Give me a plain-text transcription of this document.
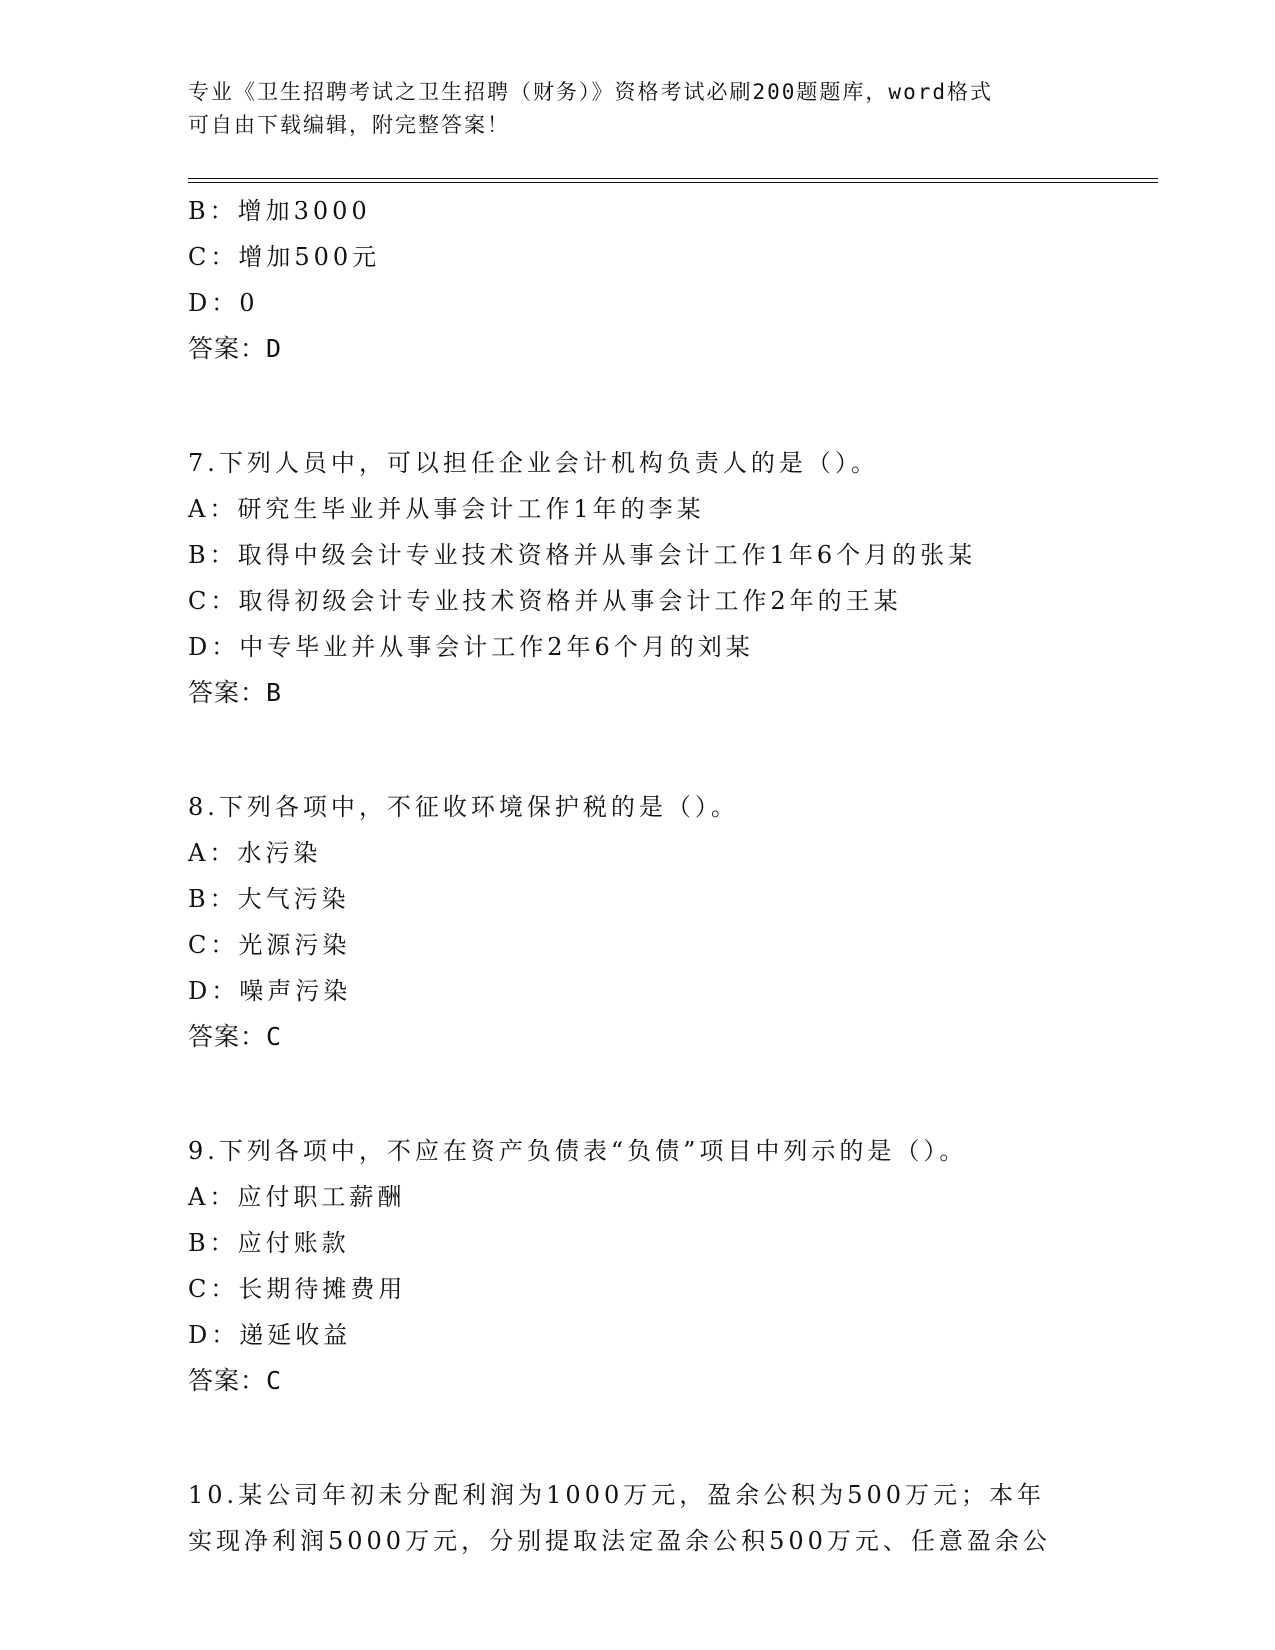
专业《卫生招聘考试之卫生招聘（财务）》资格考试必刷200题题库，word格式
可自由下载编辑，附完整答案！
B：增加3000
C：增加500元
D：0
答案：D
7.下列人员中，可以担任企业会计机构负责人的是（）。
A：研究生毕业并从事会计工作1年的李某
B：取得中级会计专业技术资格并从事会计工作1年6个月的张某
C：取得初级会计专业技术资格并从事会计工作2年的王某
D：中专毕业并从事会计工作2年6个月的刘某
答案：B
8.下列各项中，不征收环境保护税的是（）。
A：水污染
B：大气污染
C：光源污染
D：噪声污染
答案：C
9.下列各项中，不应在资产负债表“负债”项目中列示的是（）。
A：应付职工薪酬
B：应付账款
C：长期待摊费用
D：递延收益
答案：C
10.某公司年初未分配利润为1000万元，盈余公积为500万元；本年
实现净利润5000万元，分别提取法定盈余公积500万元、任意盈余公
